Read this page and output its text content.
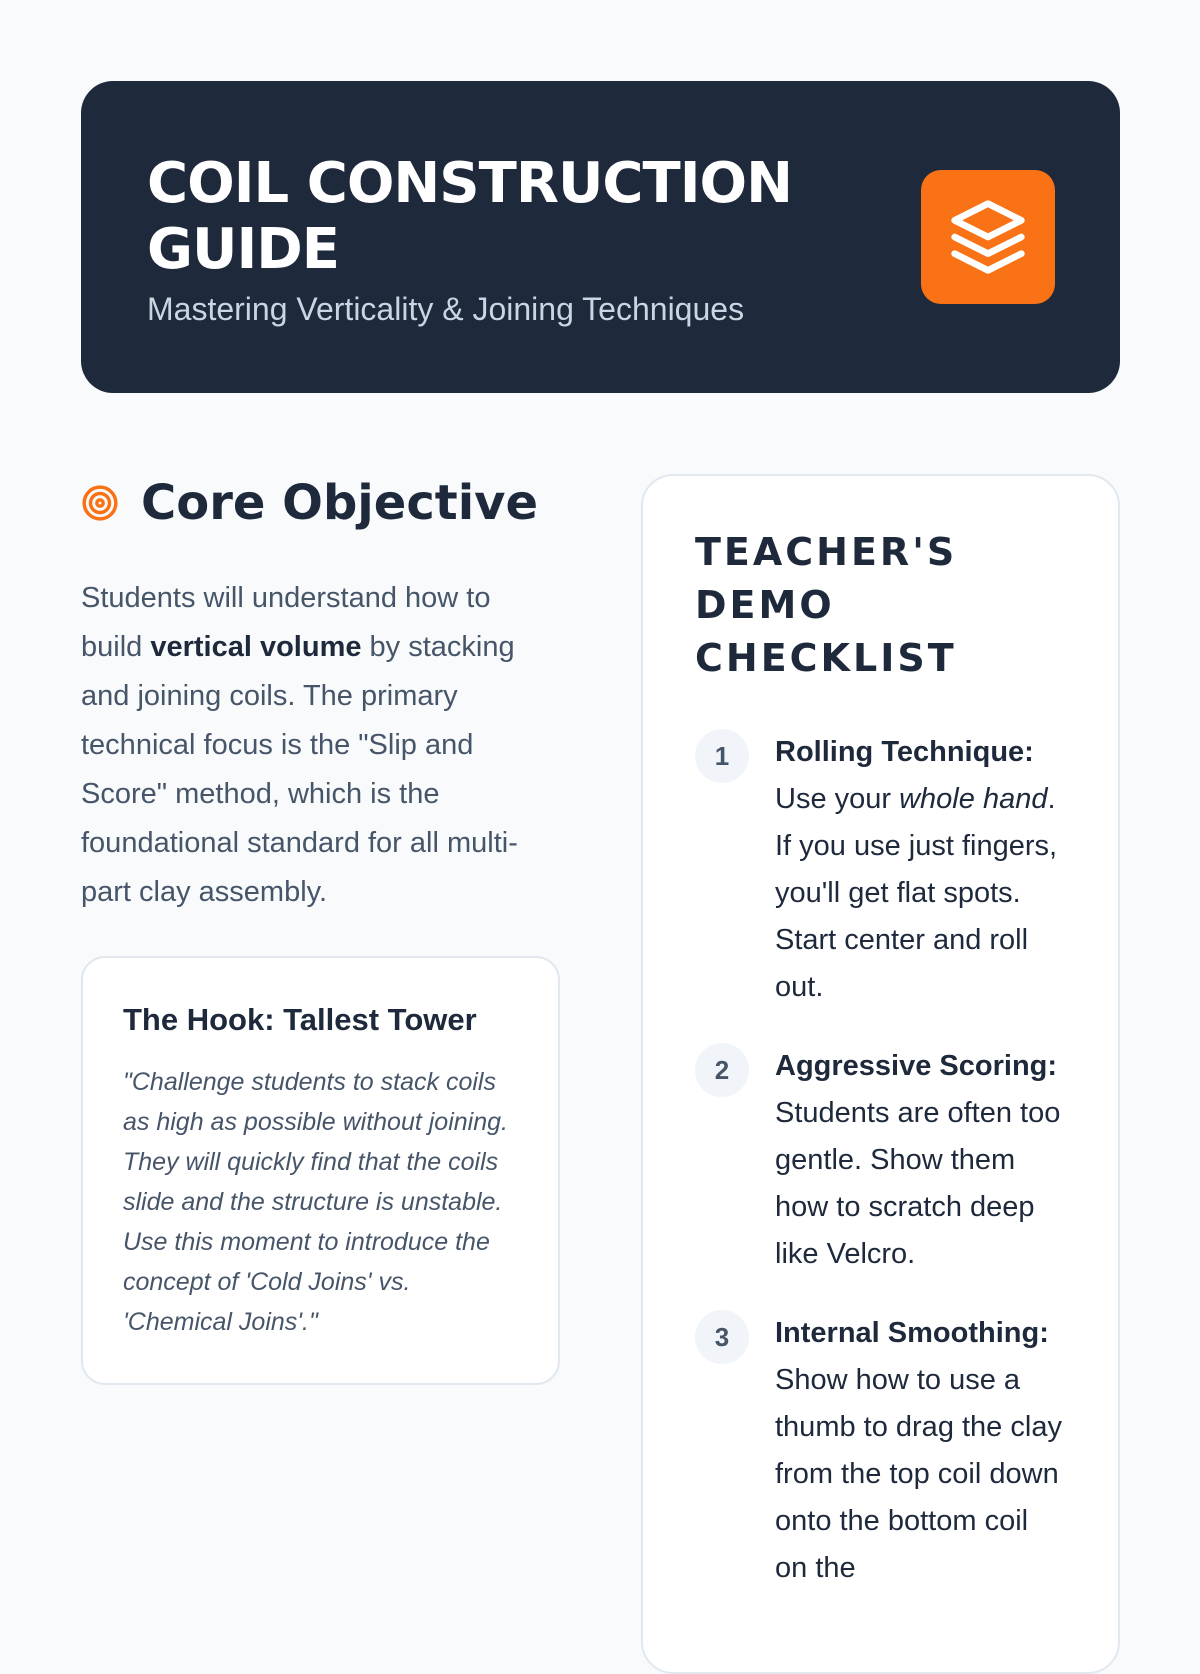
COIL CONSTRUCTION GUIDE
Mastering Verticality & Joining Techniques
Core Objective
Students will understand how to build vertical volume by stacking and joining coils. The primary technical focus is the "Slip and Score" method, which is the foundational standard for all multi-part clay assembly.
The Hook: Tallest Tower
"Challenge students to stack coils as high as possible without joining. They will quickly find that the coils slide and the structure is unstable. Use this moment to introduce the concept of 'Cold Joins' vs. 'Chemical Joins'."
TEACHER'S DEMO CHECKLIST
1	Rolling Technique:
Use your whole hand. If you use just fingers, you'll get flat spots. Start center and roll out.
2	Aggressive Scoring:
Students are often too gentle. Show them how to scratch deep like Velcro.
3	Internal Smoothing:
Show how to use a thumb to drag the clay from the top coil down onto the bottom coil on the
